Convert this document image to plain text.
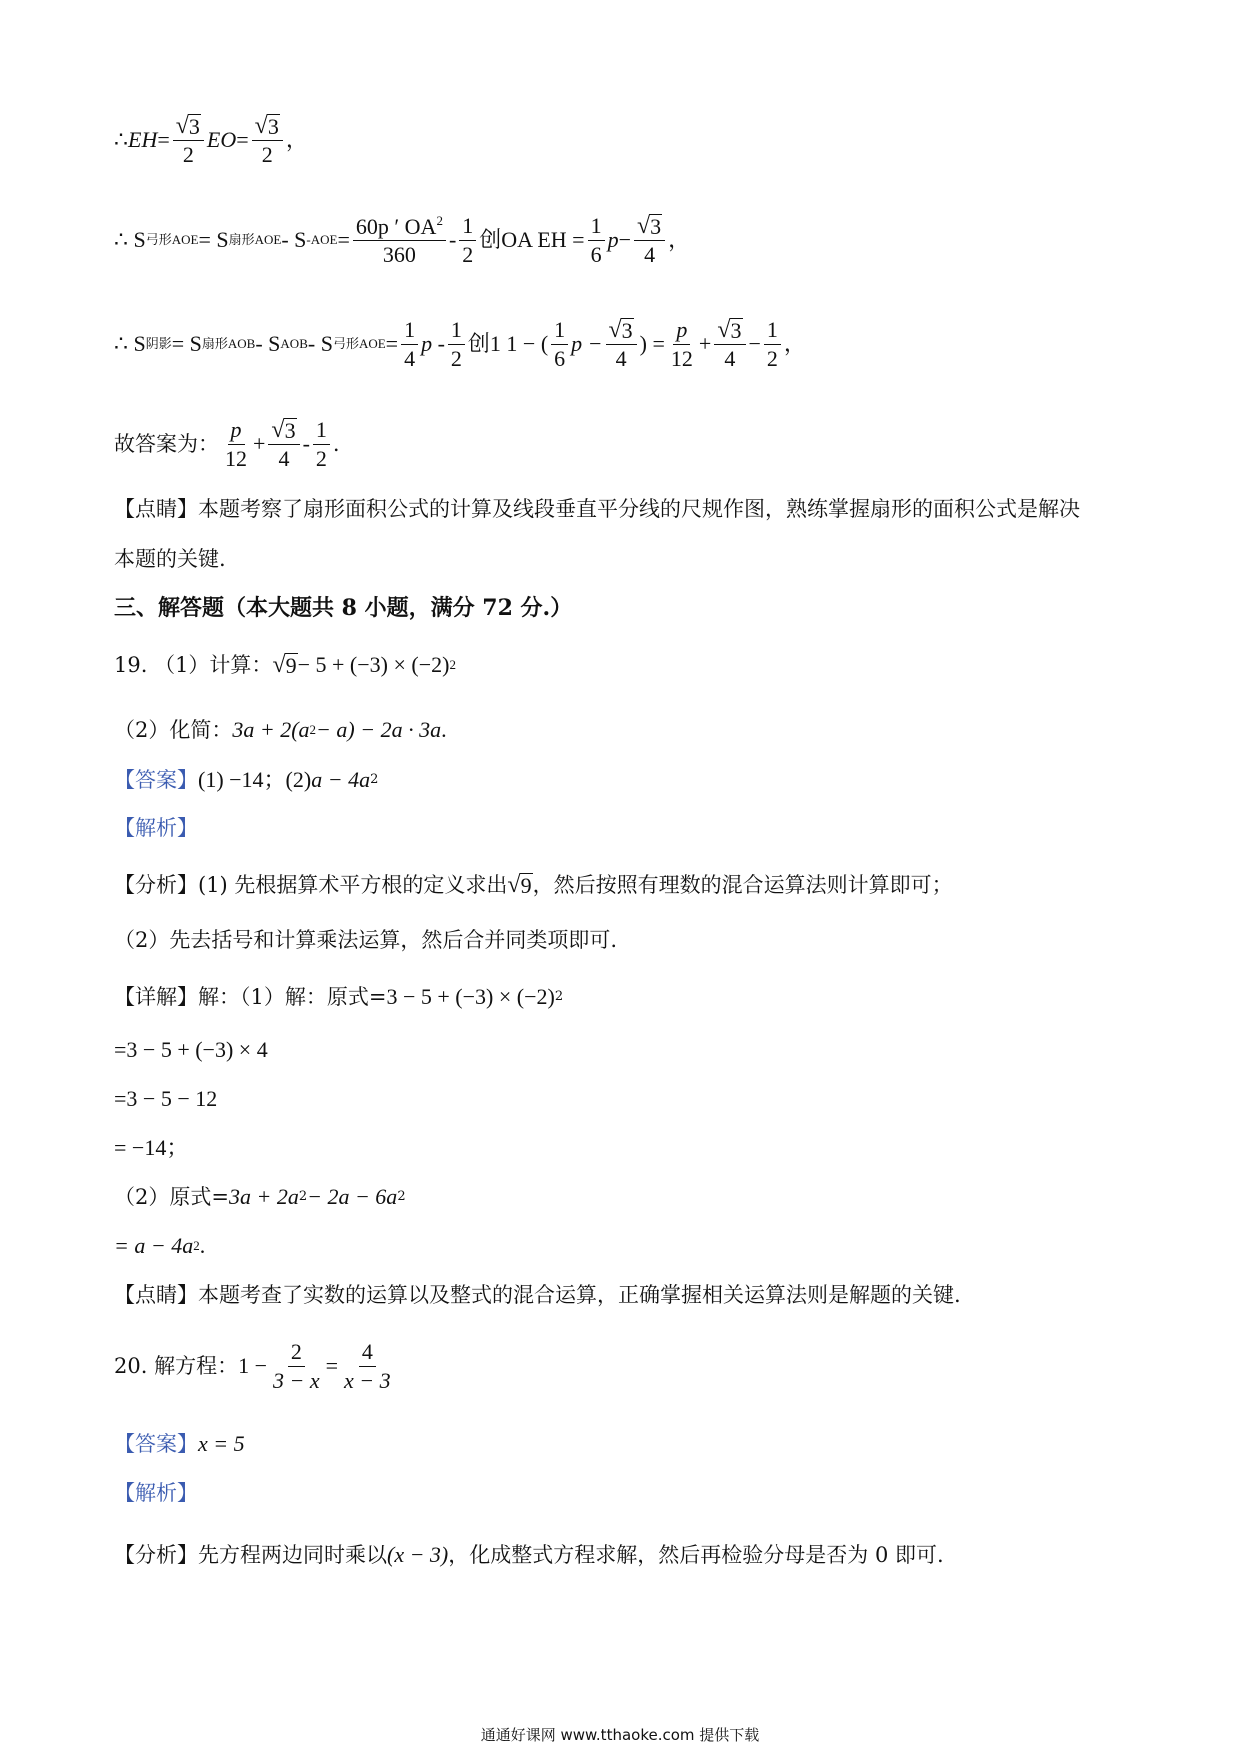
∴ EH = $\frac{√ 3}{2}$ EO = $\frac{√ 3}{2}$ ，
∴ S 弓形AOE = S 扇形AOE - S $-AOE = \frac{60p ' OA^2}{360} - \frac{1}{2}$ 创OA EH = $\frac{1}{6}$ $p - \frac{√ 3}{4}$ ，
∴ S 阴影 = S 扇形AOB - S AOB - S 弓形AOE = $\frac{1}{4}$ p - $\frac{1}{2}$ 创1 1 − ( $\frac{1}{6}$ $p - \frac{√ 3}{4}$ ) = $\frac{p}{12} + \frac{√ 3}{4} - \frac{1}{2}$ ，
故答案为： $\frac{p}{12} + \frac{√ 3}{4} - \frac{1}{2}$ .
【点睛】本题考察了扇形面积公式的计算及线段垂直平分线的尺规作图，熟练掌握扇形的面积公式是解决
本题的关键.
三、解答题（本大题共 8 小题，满分 72 分.）
19. （1）计算： √ 9 − 5 + (−3) × (−2) 2
（2）化简： 3a + 2(a 2 − a) − 2a · 3a .
【答案】 (1) −14；(2) a − 4a 2
【解析】
【分析】(1) 先根据算术平方根的定义求出 √ 9 ，然后按照有理数的混合运算法则计算即可；
（2）先去括号和计算乘法运算，然后合并同类项即可.
【详解】解：（1）解：原式= 3 − 5 + (−3) × (−2) 2
=3 − 5 + (−3) × 4
=3 − 5 − 12
= −14；
（2）原式= 3a + 2a 2 − 2a − 6a 2
= a − 4a 2 .
【点睛】本题考查了实数的运算以及整式的混合运算，正确掌握相关运算法则是解题的关键.
20. 解方程： $1 - \frac{2}{3 - x} = \frac{4}{x - 3}$
【答案】 x = 5
【解析】
【分析】先方程两边同时乘以 (x − 3) ，化成整式方程求解，然后再检验分母是否为 0 即可.
通通好课网 www.tthaoke.com 提供下载
